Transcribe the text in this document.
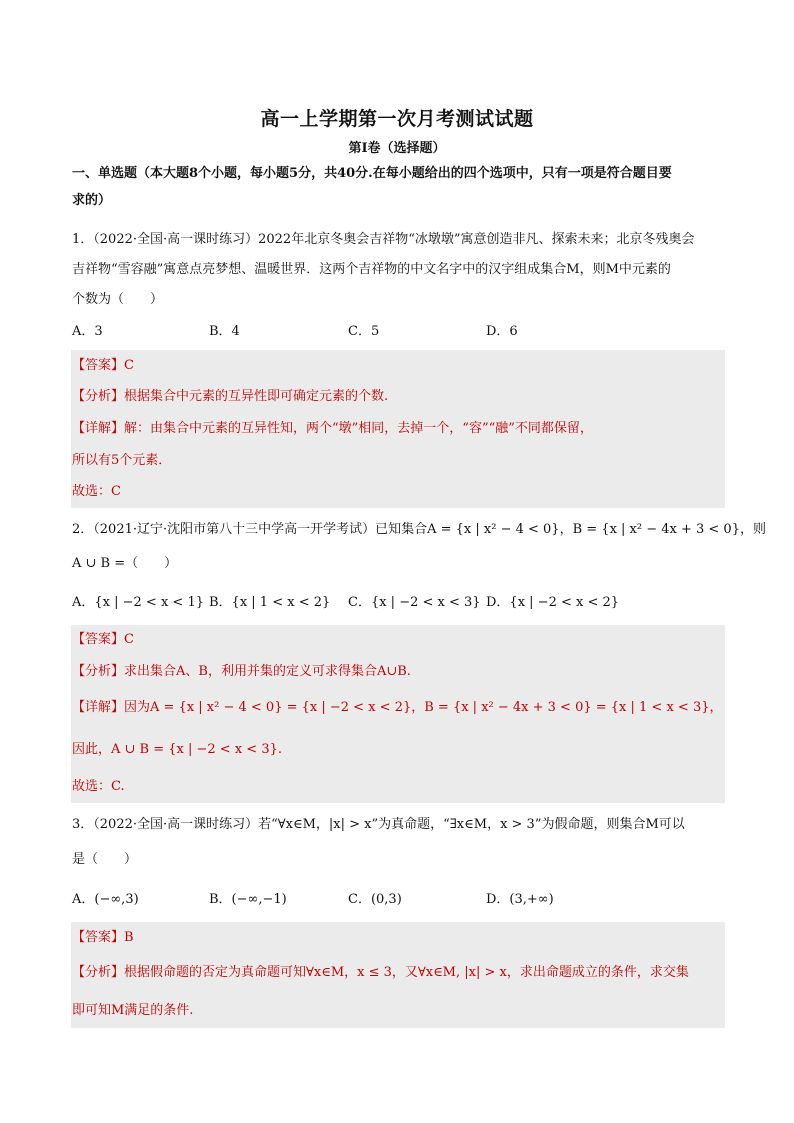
高一上学期第一次月考测试试题
第Ⅰ卷（选择题）
一、单选题（本大题8个小题，每小题5分，共40分.在每小题给出的四个选项中，只有一项是符合题目要
求的）
1．（2022·全国·高一课时练习）2022年北京冬奥会吉祥物“冰墩墩”寓意创造非凡、探索未来；北京冬残奥会
吉祥物“雪容融”寓意点亮梦想、温暖世界．这两个吉祥物的中文名字中的汉字组成集合M，则M中元素的
个数为（　　）
A．3	B．4	C．5	D．6
【答案】C
【分析】根据集合中元素的互异性即可确定元素的个数.
【详解】解：由集合中元素的互异性知，两个“墩”相同，去掉一个，“容”“融”不同都保留，
所以有5个元素．
故选：C
2．（2021·辽宁·沈阳市第八十三中学高一开学考试）已知集合A = {x | x² − 4 < 0}，B = {x | x² − 4x + 3 < 0}，则
A ∪ B =（　　）
A．{x | −2 < x < 1} B．{x | 1 < x < 2} C．{x | −2 < x < 3} D．{x | −2 < x < 2}
【答案】C
【分析】求出集合A、B，利用并集的定义可求得集合A∪B.
【详解】因为A = {x | x² − 4 < 0} = {x | −2 < x < 2}，B = {x | x² − 4x + 3 < 0} = {x | 1 < x < 3}，
因此，A ∪ B = {x | −2 < x < 3}.
故选：C.
3．（2022·全国·高一课时练习）若“∀x∈M，|x| > x”为真命题，“∃x∈M，x > 3”为假命题，则集合M可以
是（　　）
A．(−∞,3)	B．(−∞,−1)	C．(0,3)	D．(3,+∞)
【答案】B
【分析】根据假命题的否定为真命题可知∀x∈M，x ≤ 3，又∀x∈M, |x| > x，求出命题成立的条件，求交集
即可知M满足的条件.
